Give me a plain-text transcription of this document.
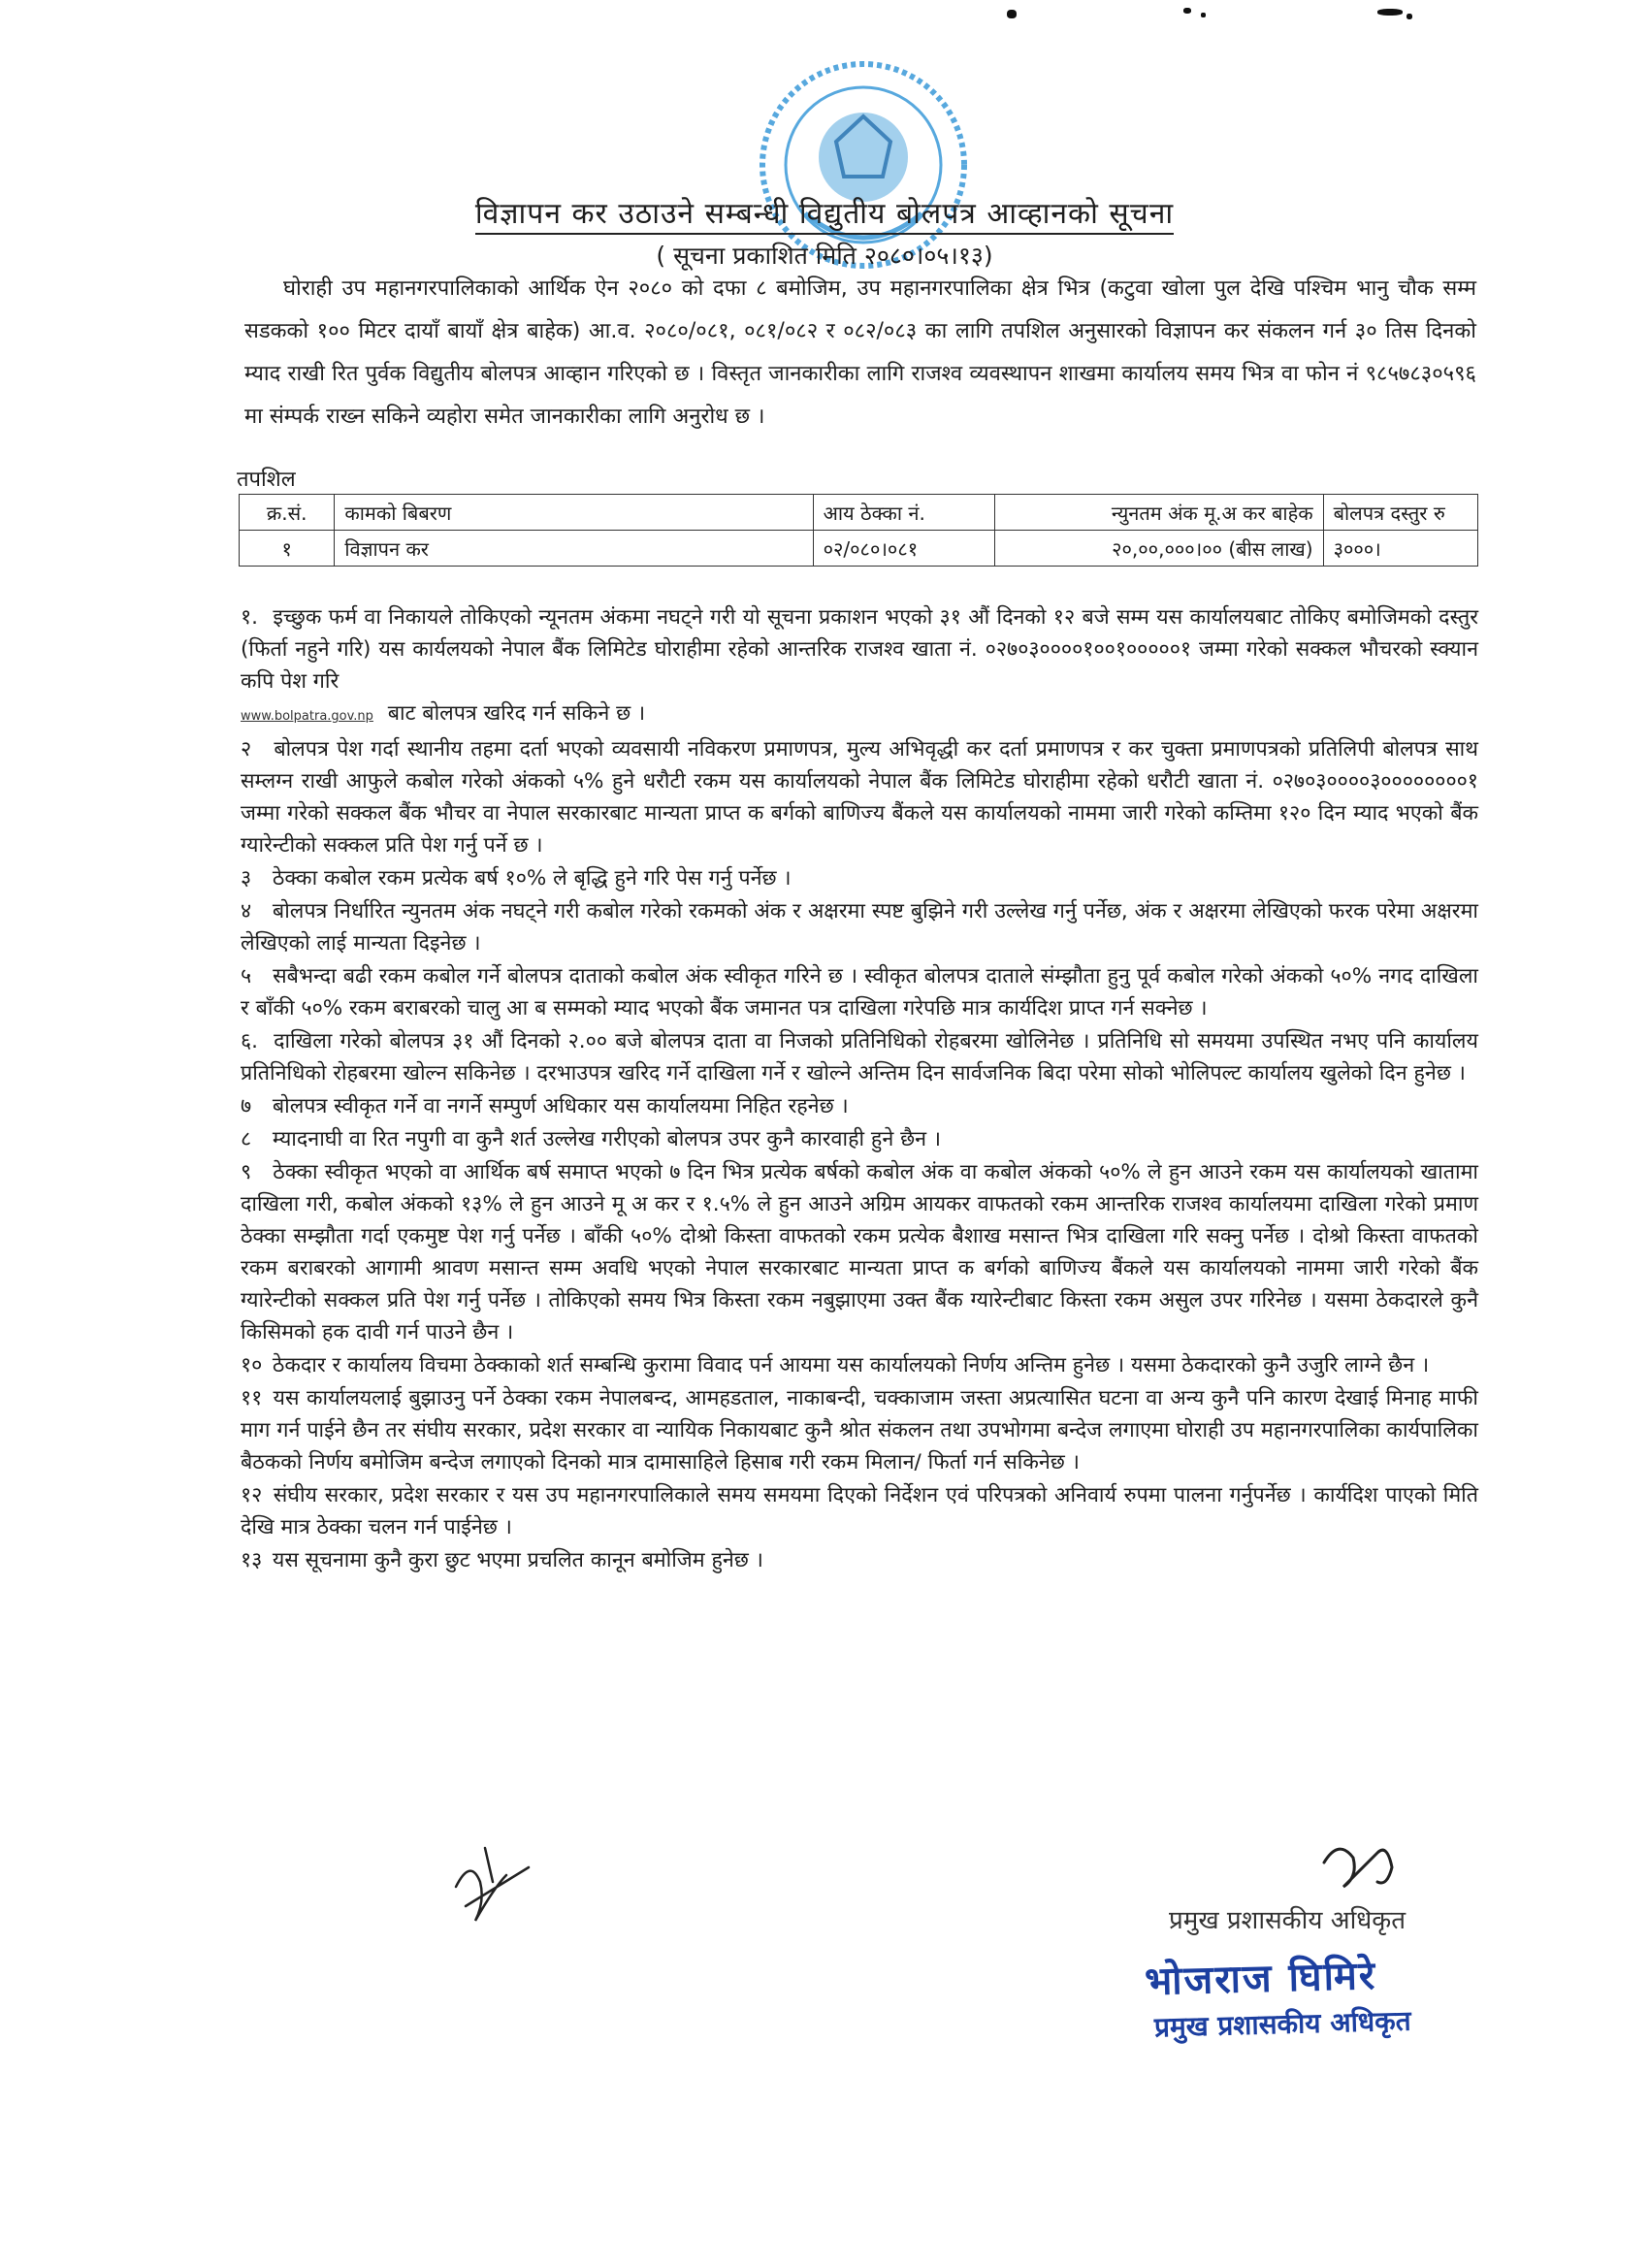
विज्ञापन कर उठाउने सम्बन्धी विद्युतीय बोलपत्र आव्हानको सूचना
( सूचना प्रकाशित मिति २०८०।०५।१३)
घोराही उप महानगरपालिकाको आर्थिक ऐन २०८० को दफा ८ बमोजिम, उप महानगरपालिका क्षेत्र भित्र (कटुवा खोला पुल देखि पश्चिम भानु चौक सम्म सडकको १०० मिटर दायाँ बायाँ क्षेत्र बाहेक) आ.व. २०८०/०८१, ०८१/०८२ र ०८२/०८३ का लागि तपशिल अनुसारको विज्ञापन कर संकलन गर्न ३० तिस दिनको म्याद राखी रित पुर्वक विद्युतीय बोलपत्र आव्हान गरिएको छ । विस्तृत जानकारीका लागि राजश्व व्यवस्थापन शाखमा कार्यालय समय भित्र वा फोन नं ९८५७८३०५९६ मा संम्पर्क राख्न सकिने व्यहोरा समेत जानकारीका लागि अनुरोध छ ।
तपशिल
क्र.सं.	कामको बिबरण	आय ठेक्का नं.	न्युनतम अंक मू.अ कर बाहेक	बोलपत्र दस्तुर रु
१	विज्ञापन कर	०२/०८०।०८१	२०,००,०००।०० (बीस लाख)	३०००।
१. इच्छुक फर्म वा निकायले तोकिएको न्यूनतम अंकमा नघट्ने गरी यो सूचना प्रकाशन भएको ३१ औं दिनको १२ बजे सम्म यस कार्यालयबाट तोकिए बमोजिमको दस्तुर (फिर्ता नहुने गरि) यस कार्यलयको नेपाल बैंक लिमिटेड घोराहीमा रहेको आन्तरिक राजश्व खाता नं. ०२७०३००००१००१०००००१ जम्मा गरेको सक्कल भौचरको स्क्यान कपि पेश गरि
www.bolpatra.gov.np बाट बोलपत्र खरिद गर्न सकिने छ ।
२ बोलपत्र पेश गर्दा स्थानीय तहमा दर्ता भएको व्यवसायी नविकरण प्रमाणपत्र, मुल्य अभिवृद्धी कर दर्ता प्रमाणपत्र र कर चुक्ता प्रमाणपत्रको प्रतिलिपी बोलपत्र साथ सम्लग्न राखी आफुले कबोल गरेको अंकको ५% हुने धरौटी रकम यस कार्यालयको नेपाल बैंक लिमिटेड घोराहीमा रहेको धरौटी खाता नं. ०२७०३००००३००००००००१ जम्मा गरेको सक्कल बैंक भौचर वा नेपाल सरकारबाट मान्यता प्राप्त क बर्गको बाणिज्य बैंकले यस कार्यालयको नाममा जारी गरेको कम्तिमा १२० दिन म्याद भएको बैंक ग्यारेन्टीको सक्कल प्रति पेश गर्नु पर्ने छ ।
३ ठेक्का कबोल रकम प्रत्येक बर्ष १०% ले बृद्धि हुने गरि पेस गर्नु पर्नेछ ।
४ बोलपत्र निर्धारित न्युनतम अंक नघट्ने गरी कबोल गरेको रकमको अंक र अक्षरमा स्पष्ट बुझिने गरी उल्लेख गर्नु पर्नेछ, अंक र अक्षरमा लेखिएको फरक परेमा अक्षरमा लेखिएको लाई मान्यता दिइनेछ ।
५ सबैभन्दा बढी रकम कबोल गर्ने बोलपत्र दाताको कबोल अंक स्वीकृत गरिने छ । स्वीकृत बोलपत्र दाताले संम्झौता हुनु पूर्व कबोल गरेको अंकको ५०% नगद दाखिला र बाँकी ५०% रकम बराबरको चालु आ ब सम्मको म्याद भएको बैंक जमानत पत्र दाखिला गरेपछि मात्र कार्यदिश प्राप्त गर्न सक्नेछ ।
६. दाखिला गरेको बोलपत्र ३१ औं दिनको २.०० बजे बोलपत्र दाता वा निजको प्रतिनिधिको रोहबरमा खोलिनेछ । प्रतिनिधि सो समयमा उपस्थित नभए पनि कार्यालय प्रतिनिधिको रोहबरमा खोल्न सकिनेछ । दरभाउपत्र खरिद गर्ने दाखिला गर्ने र खोल्ने अन्तिम दिन सार्वजनिक बिदा परेमा सोको भोलिपल्ट कार्यालय खुलेको दिन हुनेछ ।
७ बोलपत्र स्वीकृत गर्ने वा नगर्ने सम्पुर्ण अधिकार यस कार्यालयमा निहित रहनेछ ।
८ म्यादनाघी वा रित नपुगी वा कुनै शर्त उल्लेख गरीएको बोलपत्र उपर कुनै कारवाही हुने छैन ।
९ ठेक्का स्वीकृत भएको वा आर्थिक बर्ष समाप्त भएको ७ दिन भित्र प्रत्येक बर्षको कबोल अंक वा कबोल अंकको ५०% ले हुन आउने रकम यस कार्यालयको खातामा दाखिला गरी, कबोल अंकको १३% ले हुन आउने मू अ कर र १.५% ले हुन आउने अग्रिम आयकर वाफतको रकम आन्तरिक राजश्व कार्यालयमा दाखिला गरेको प्रमाण ठेक्का सम्झौता गर्दा एकमुष्ट पेश गर्नु पर्नेछ । बाँकी ५०% दोश्रो किस्ता वाफतको रकम प्रत्येक बैशाख मसान्त भित्र दाखिला गरि सक्नु पर्नेछ । दोश्रो किस्ता वाफतको रकम बराबरको आगामी श्रावण मसान्त सम्म अवधि भएको नेपाल सरकारबाट मान्यता प्राप्त क बर्गको बाणिज्य बैंकले यस कार्यालयको नाममा जारी गरेको बैंक ग्यारेन्टीको सक्कल प्रति पेश गर्नु पर्नेछ । तोकिएको समय भित्र किस्ता रकम नबुझाएमा उक्त बैंक ग्यारेन्टीबाट किस्ता रकम असुल उपर गरिनेछ । यसमा ठेकदारले कुनै किसिमको हक दावी गर्न पाउने छैन ।
१० ठेकदार र कार्यालय विचमा ठेक्काको शर्त सम्बन्धि कुरामा विवाद पर्न आयमा यस कार्यालयको निर्णय अन्तिम हुनेछ । यसमा ठेकदारको कुनै उजुरि लाग्ने छैन ।
११ यस कार्यालयलाई बुझाउनु पर्ने ठेक्का रकम नेपालबन्द, आमहडताल, नाकाबन्दी, चक्काजाम जस्ता अप्रत्यासित घटना वा अन्य कुनै पनि कारण देखाई मिनाह माफी माग गर्न पाईने छैन तर संघीय सरकार, प्रदेश सरकार वा न्यायिक निकायबाट कुनै श्रोत संकलन तथा उपभोगमा बन्देज लगाएमा घोराही उप महानगरपालिका कार्यपालिका बैठकको निर्णय बमोजिम बन्देज लगाएको दिनको मात्र दामासाहिले हिसाब गरी रकम मिलान/ फिर्ता गर्न सकिनेछ ।
१२ संघीय सरकार, प्रदेश सरकार र यस उप महानगरपालिकाले समय समयमा दिएको निर्देशन एवं परिपत्रको अनिवार्य रुपमा पालना गर्नुपर्नेछ । कार्यदिश पाएको मिति देखि मात्र ठेक्का चलन गर्न पाईनेछ ।
१३ यस सूचनामा कुनै कुरा छुट भएमा प्रचलित कानून बमोजिम हुनेछ ।
प्रमुख प्रशासकीय अधिकृत
भोजराज घिमिरे
प्रमुख प्रशासकीय अधिकृत
